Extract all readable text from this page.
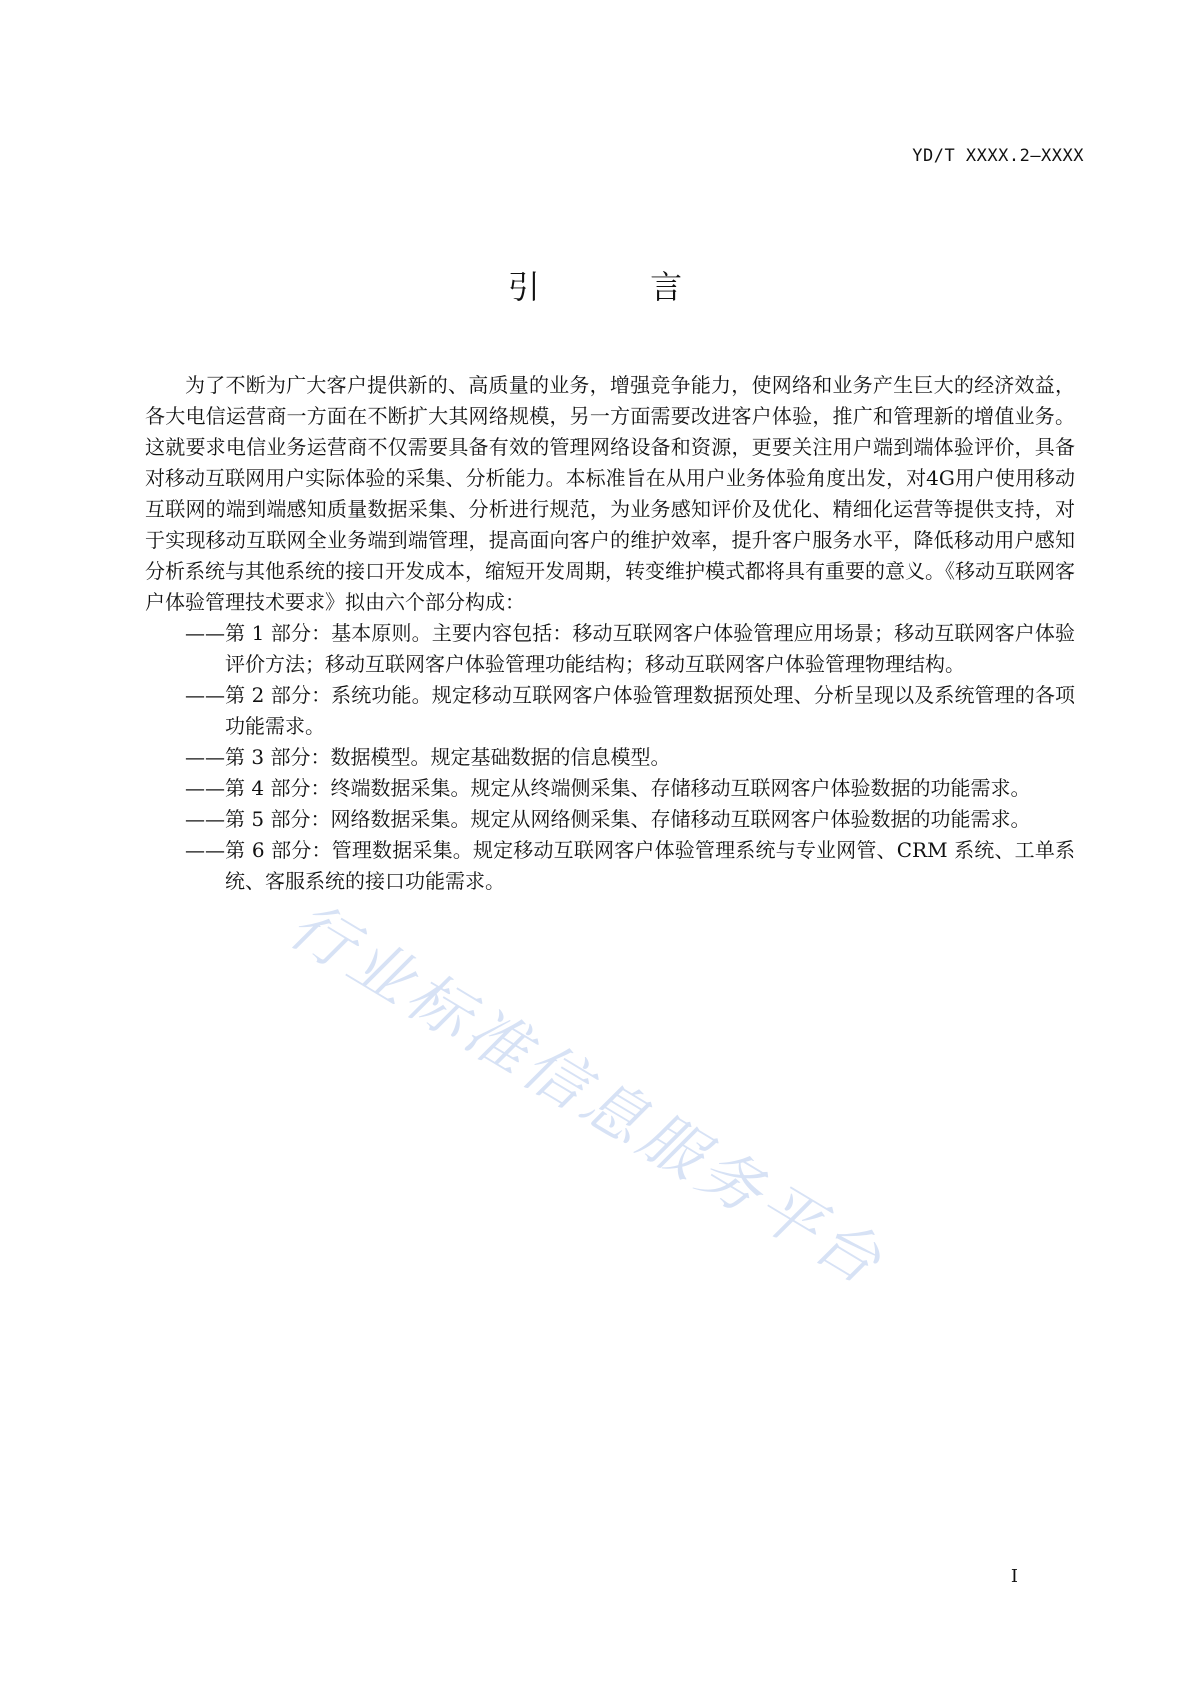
YD/T XXXX.2—XXXX
引 言

为了不断为广大客户提供新的、高质量的业务，增强竞争能力，使网络和业务产生巨大的经济效益，各大电信运营商一方面在不断扩大其网络规模，另一方面需要改进客户体验，推广和管理新的增值业务。这就要求电信业务运营商不仅需要具备有效的管理网络设备和资源，更要关注用户端到端体验评价，具备对移动互联网用户实际体验的采集、分析能力。本标准旨在从用户业务体验角度出发，对4G用户使用移动互联网的端到端感知质量数据采集、分析进行规范，为业务感知评价及优化、精细化运营等提供支持，对于实现移动互联网全业务端到端管理，提高面向客户的维护效率，提升客户服务水平，降低移动用户感知分析系统与其他系统的接口开发成本，缩短开发周期，转变维护模式都将具有重要的意义。《移动互联网客户体验管理技术要求》拟由六个部分构成：

——第 1 部分：基本原则。主要内容包括：移动互联网客户体验管理应用场景；移动互联网客户体验评价方法；移动互联网客户体验管理功能结构；移动互联网客户体验管理物理结构。
——第 2 部分：系统功能。规定移动互联网客户体验管理数据预处理、分析呈现以及系统管理的各项功能需求。
——第 3 部分：数据模型。规定基础数据的信息模型。
——第 4 部分：终端数据采集。规定从终端侧采集、存储移动互联网客户体验数据的功能需求。
——第 5 部分：网络数据采集。规定从网络侧采集、存储移动互联网客户体验数据的功能需求。
——第 6 部分：管理数据采集。规定移动互联网客户体验管理系统与专业网管、CRM 系统、工单系统、客服系统的接口功能需求。
行业标准信息服务平台
I
